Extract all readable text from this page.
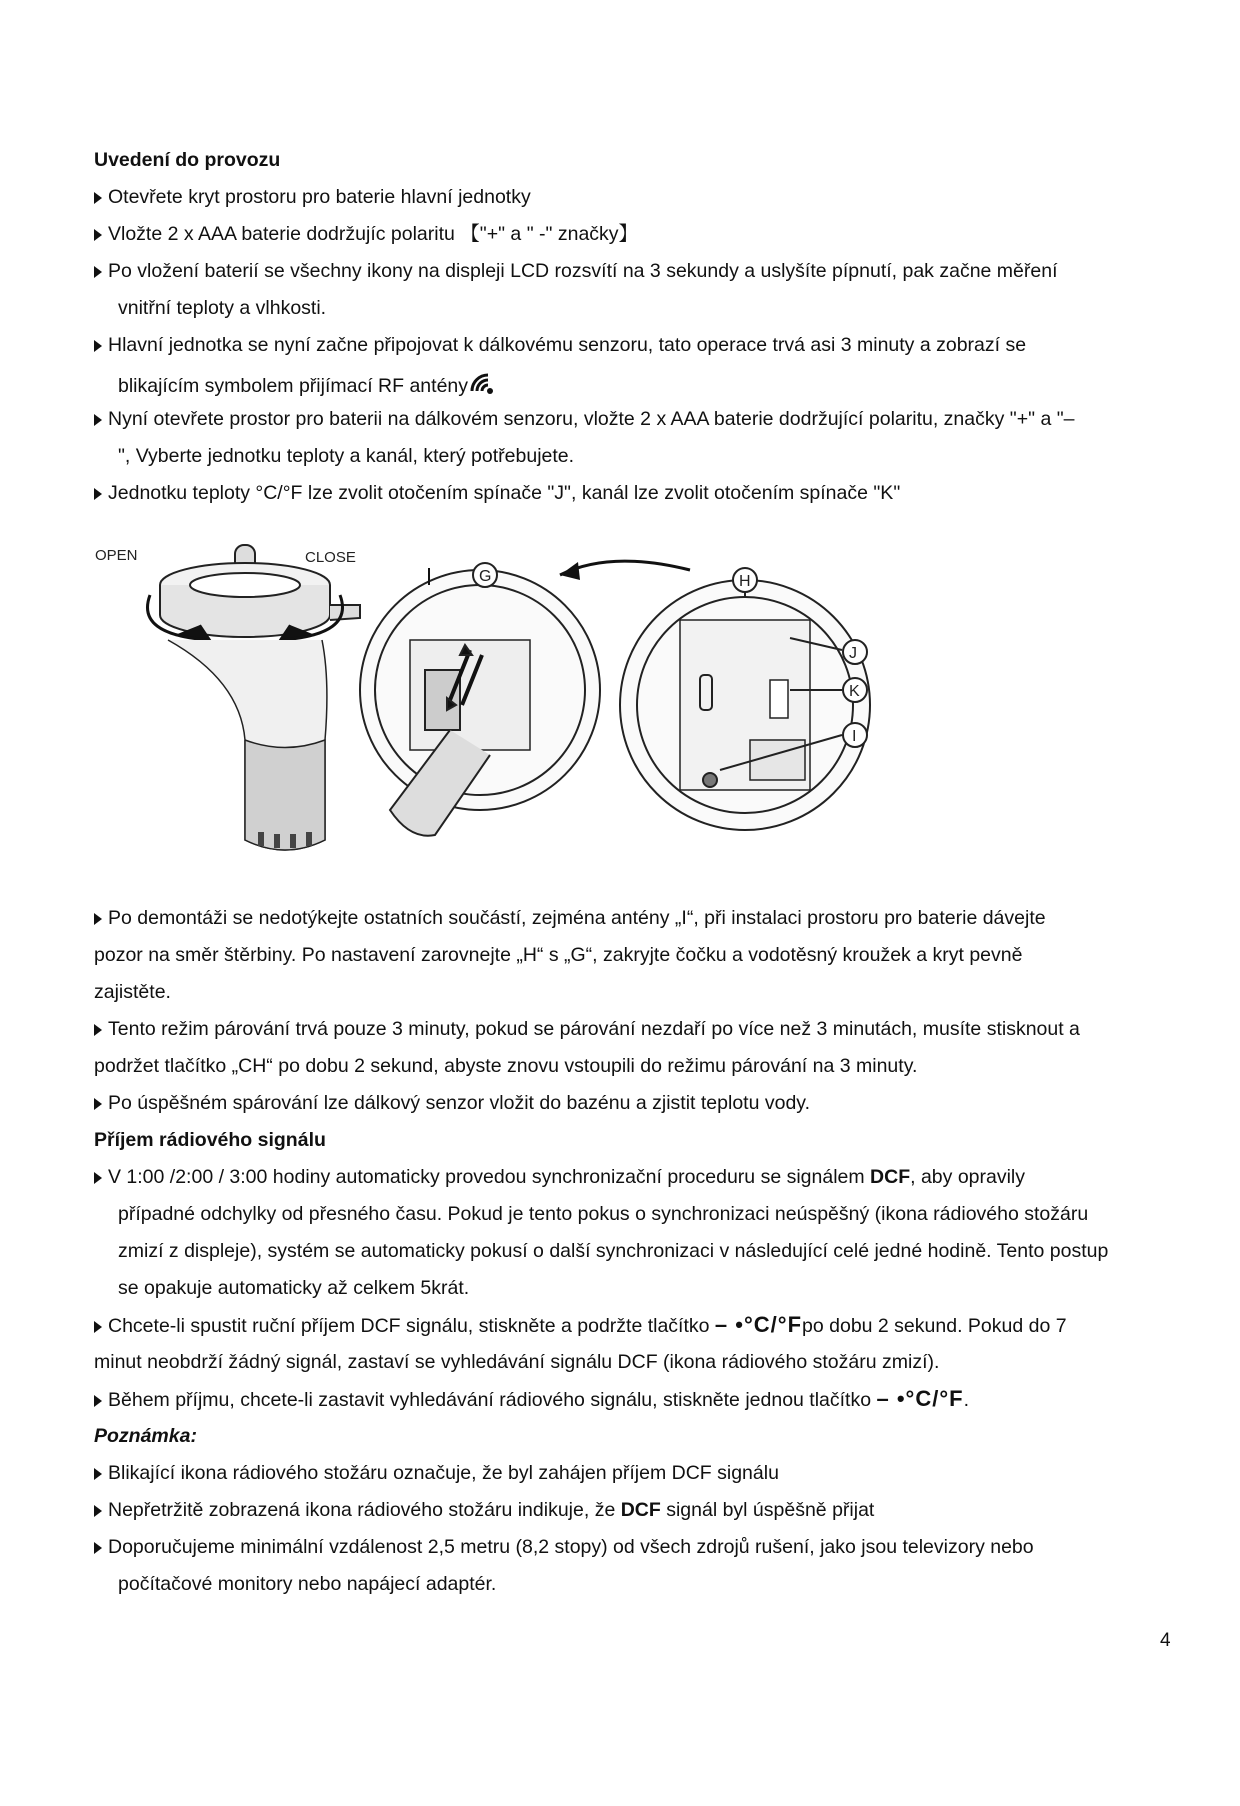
Uvedení do provozu
Otevřete kryt prostoru pro baterie hlavní jednotky
Vložte 2 x AAA baterie dodržujíc polaritu 【"+" a " -" značky】
Po vložení baterií se všechny ikony na displeji LCD rozsvítí na 3 sekundy a uslyšíte pípnutí, pak začne měření
vnitřní teploty a vlhkosti.
Hlavní jednotka se nyní začne připojovat k dálkovému senzoru, tato operace trvá asi 3 minuty a zobrazí se
blikajícím symbolem přijímací RF antény
Nyní otevřete prostor pro baterii na dálkovém senzoru, vložte 2 x AAA baterie dodržující polaritu, značky "+" a "–
", Vyberte jednotku teploty a kanál, který potřebujete.
Jednotku teploty °C/°F lze zvolit otočením spínače "J", kanál lze zvolit otočením spínače "K"
OPEN	CLOSE
G	H
J
K
I
Po demontáži se nedotýkejte ostatních součástí, zejména antény „I“, při instalaci prostoru pro baterie dávejte
pozor na směr štěrbiny. Po nastavení zarovnejte „H“ s „G“, zakryjte čočku a vodotěsný kroužek a kryt pevně
zajistěte.
Tento režim párování trvá pouze 3 minuty, pokud se párování nezdaří po více než 3 minutách, musíte stisknout a
podržet tlačítko „CH“ po dobu 2 sekund, abyste znovu vstoupili do režimu párování na 3 minuty.
Po úspěšném spárování lze dálkový senzor vložit do bazénu a zjistit teplotu vody.
Příjem rádiového signálu
V 1:00 /2:00 / 3:00 hodiny automaticky provedou synchronizační proceduru se signálem DCF, aby opravily
případné odchylky od přesného času. Pokud je tento pokus o synchronizaci neúspěšný (ikona rádiového stožáru
zmizí z displeje), systém se automaticky pokusí o další synchronizaci v následující celé jedné hodině. Tento postup
se opakuje automaticky až celkem 5krát.
Chcete-li spustit ruční příjem DCF signálu, stiskněte a podržte tlačítko – •°C/°Fpo dobu 2 sekund. Pokud do 7
minut neobdrží žádný signál, zastaví se vyhledávání signálu DCF (ikona rádiového stožáru zmizí).
Během příjmu, chcete-li zastavit vyhledávání rádiového signálu, stiskněte jednou tlačítko – •°C/°F.
Poznámka:
Blikající ikona rádiového stožáru označuje, že byl zahájen příjem DCF signálu
Nepřetržitě zobrazená ikona rádiového stožáru indikuje, že DCF signál byl úspěšně přijat
Doporučujeme minimální vzdálenost 2,5 metru (8,2 stopy) od všech zdrojů rušení, jako jsou televizory nebo
počítačové monitory nebo napájecí adaptér.
4
